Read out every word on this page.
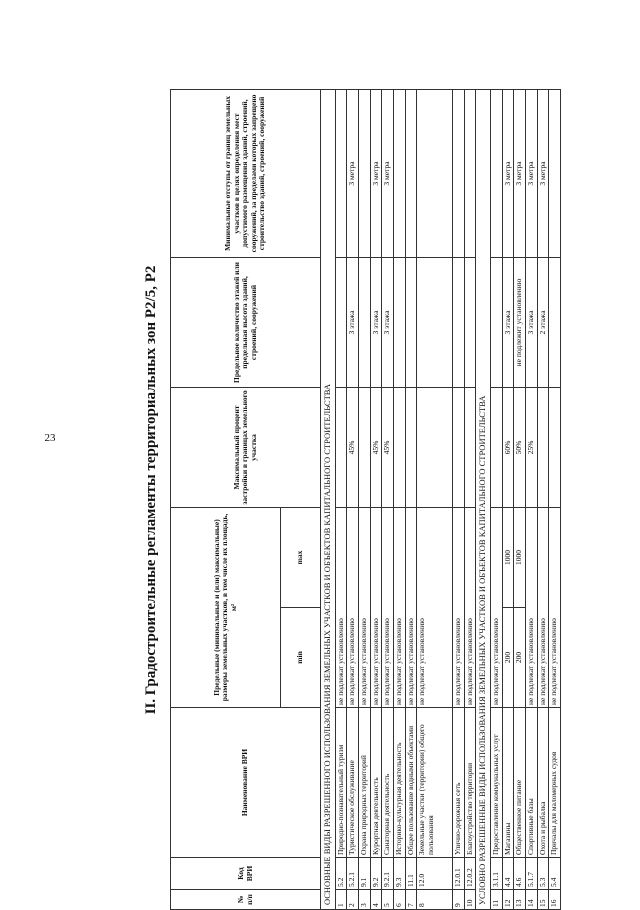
23
№ п/п	Код ВРИ	Наименование ВРИ	Предельные (минимальные и (или) максимальные) размеры земельных участков, в том числе их площадь, м²		Максимальный процент застройки в границах земельного участка	Предельное количество этажей или предельная высота зданий, строений, сооружений	Минимальные отступы от границ земельных участков в целях определения мест допустимого размещения зданий, строений, сооружений, за пределами которых запрещено строительство зданий, строений, сооружений
			min	max			
ОСНОВНЫЕ ВИДЫ РАЗРЕШЕННОГО ИСПОЛЬЗОВАНИЯ ЗЕМЕЛЬНЫХ УЧАСТКОВ И ОБЪЕКТОВ КАПИТАЛЬНОГО СТРОИТЕЛЬСТВА							
1	5.2	Природно-познавательный туризм	не подлежат установлению				
2	5.2.1	Туристическое обслуживание	не подлежат установлению		45%	3 этажа	3 метра
3	9.1	Охрана природных территорий	не подлежат установлению				
4	9.2	Курортная деятельность	не подлежат установлению		45%	3 этажа	3 метра
5	9.2.1	Санаторная деятельность	не подлежат установлению		45%	3 этажа	3 метра
6	9.3	Историко-культурная деятельность	не подлежат установлению				
7	11.1	Общее пользование водными объектами	не подлежат установлению				
8	12.0	Земельные участки (территории) общего пользования	не подлежат установлению				
9	12.0.1	Улично-дорожная сеть	не подлежат установлению				
10	12.0.2	Благоустройство территории	не подлежат установлению				
УСЛОВНО РАЗРЕШЕННЫЕ ВИДЫ ИСПОЛЬЗОВАНИЯ ЗЕМЕЛЬНЫХ УЧАСТКОВ И ОБЪЕКТОВ КАПИТАЛЬНОГО СТРОИТЕЛЬСТВА							
11	3.1.1	Предоставление коммунальных услуг	не подлежат установлению				
12	4.4	Магазины	200	1000	60%	3 этажа	3 метра
13	4.6	Общественное питание	200	1000	50%	не подлежит установлению	3 метра
14	5.1.7	Спортивные базы	не подлежат установлению		25%	3 этажа	3 метра
15	5.3	Охота и рыбалка	не подлежат установлению			2 этажа	3 метра
16	5.4	Причалы для маломерных судов	не подлежат установлению				
II. Градостроительные регламенты территориальных зон Р2/5, Р2
